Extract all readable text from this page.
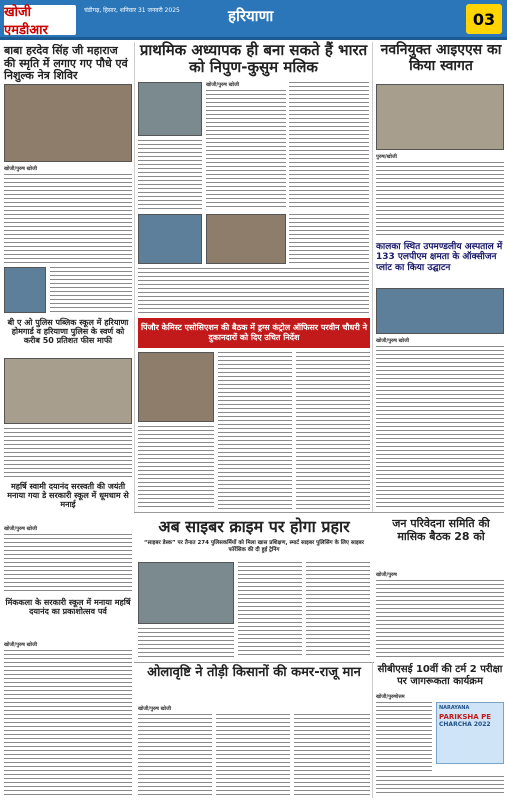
खोजी एमडीआर
चंडीगढ़, हिसार, शनिवार 31 जनवरी 2025	हरियाणा	03
बाबा हरदेव सिंह जी महाराज की स्मृति में लगाए गए पौधे एवं निशुल्क नेत्र शिविर
खोजी/पुरुष खोजी
बी ए ओ पुलिस पब्लिक स्कूल में हरियाणा होमगार्ड व हरियाणा पुलिस के स्वर्ण को करीब 50 प्रतिशत फीस माफी
महर्षि स्वामी दयानंद सरस्वती की जयंती मनाया गया डे सरकारी स्कूल में धूमधाम से मनाई
प्राथमिक अध्यापक ही बना सकते हैं भारत को निपुण-कुसुम मलिक
खोजी/पुरुष खोजी
नवनियुक्त आइएएस का किया स्वागत
पुरुष/खोजी
पिंजौर केमिस्ट एसोसिएशन की बैठक में ड्रग्स कंट्रोल ऑफिसर परवीन चौधरी ने दुकानदारों को दिए उचित निर्देश
कालका स्थित उपमण्डलीय अस्पताल में 133 एलपीएम क्षमता के ऑक्सीजन प्लांट का किया उद्घाटन
खोजी/पुरुष खोजी
खोजी/पुरुष खोजी	अब साइबर क्राइम पर होगा प्रहार
“साइबर डेस्क” पर तैनात 274 पुलिसकर्मियों को मिला खास प्रशिक्षण, स्मार्ट साइबर पुलिसिंग के लिए साइबर फॉरेंसिक की दी हुई ट्रेनिंग
जन परिवेदना समिति की मासिक बैठक 28 को
खोजी/पुरुष
मिंककला के सरकारी स्कूल में मनाया महर्षि दयानंद का प्रकाशोत्सव पर्व
खोजी/पुरुष खोजी
ओलावृष्टि ने तोड़ी किसानों की कमर-राजू मान
खोजी/पुरुष खोजी
सीबीएसई 10वीं की टर्म 2 परीक्षा पर जागरूकता कार्यक्रम
खोजी/पुरुषोत्तम
NARAYANA
PARIKSHA PE
CHARCHA 2022
